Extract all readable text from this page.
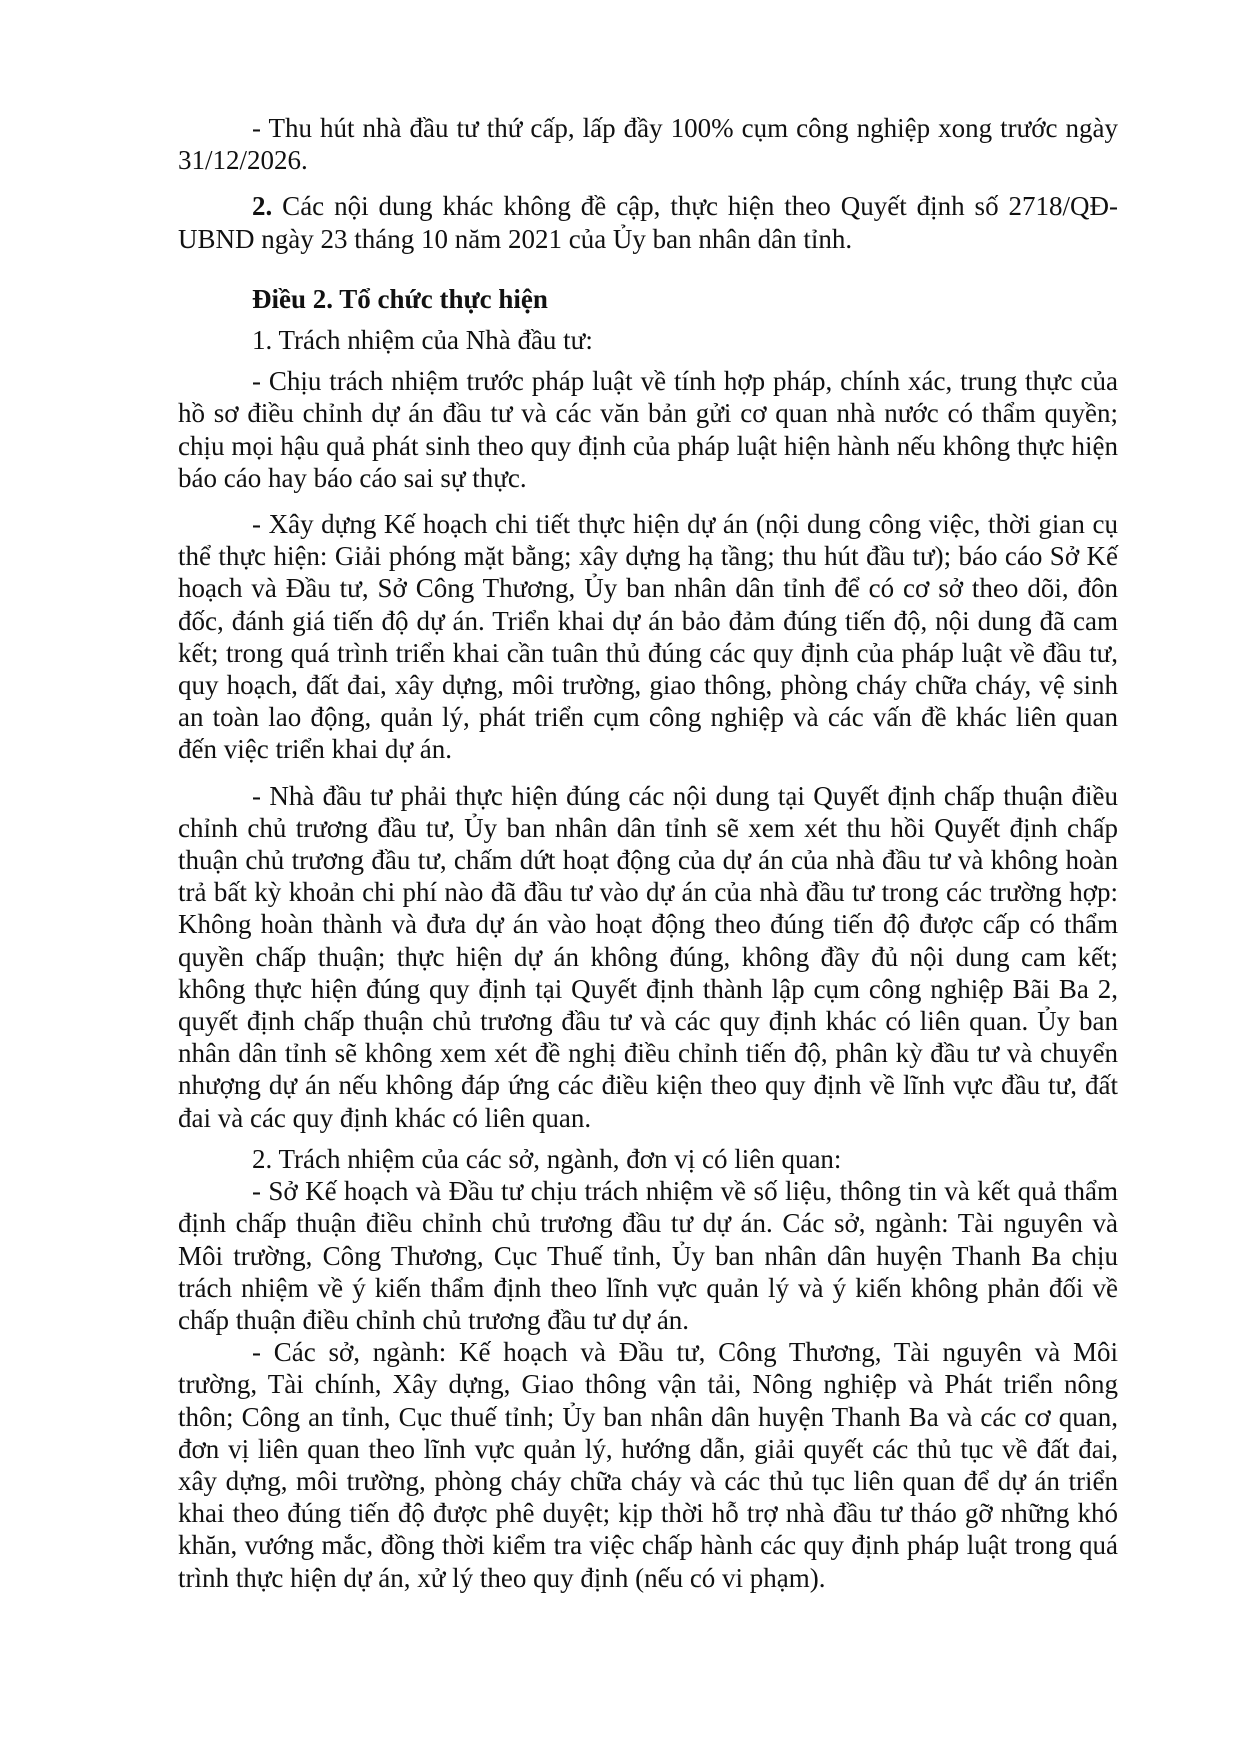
- Thu hút nhà đầu tư thứ cấp, lấp đầy 100% cụm công nghiệp xong trước ngày 31/12/2026.

2. Các nội dung khác không đề cập, thực hiện theo Quyết định số 2718/QĐ-UBND ngày 23 tháng 10 năm 2021 của Ủy ban nhân dân tỉnh.

Điều 2. Tổ chức thực hiện

1. Trách nhiệm của Nhà đầu tư:

- Chịu trách nhiệm trước pháp luật về tính hợp pháp, chính xác, trung thực của hồ sơ điều chỉnh dự án đầu tư và các văn bản gửi cơ quan nhà nước có thẩm quyền; chịu mọi hậu quả phát sinh theo quy định của pháp luật hiện hành nếu không thực hiện báo cáo hay báo cáo sai sự thực.

- Xây dựng Kế hoạch chi tiết thực hiện dự án (nội dung công việc, thời gian cụ thể thực hiện: Giải phóng mặt bằng; xây dựng hạ tầng; thu hút đầu tư); báo cáo Sở Kế hoạch và Đầu tư, Sở Công Thương, Ủy ban nhân dân tỉnh để có cơ sở theo dõi, đôn đốc, đánh giá tiến độ dự án. Triển khai dự án bảo đảm đúng tiến độ, nội dung đã cam kết; trong quá trình triển khai cần tuân thủ đúng các quy định của pháp luật về đầu tư, quy hoạch, đất đai, xây dựng, môi trường, giao thông, phòng cháy chữa cháy, vệ sinh an toàn lao động, quản lý, phát triển cụm công nghiệp và các vấn đề khác liên quan đến việc triển khai dự án.

- Nhà đầu tư phải thực hiện đúng các nội dung tại Quyết định chấp thuận điều chỉnh chủ trương đầu tư, Ủy ban nhân dân tỉnh sẽ xem xét thu hồi Quyết định chấp thuận chủ trương đầu tư, chấm dứt hoạt động của dự án của nhà đầu tư và không hoàn trả bất kỳ khoản chi phí nào đã đầu tư vào dự án của nhà đầu tư trong các trường hợp: Không hoàn thành và đưa dự án vào hoạt động theo đúng tiến độ được cấp có thẩm quyền chấp thuận; thực hiện dự án không đúng, không đầy đủ nội dung cam kết; không thực hiện đúng quy định tại Quyết định thành lập cụm công nghiệp Bãi Ba 2, quyết định chấp thuận chủ trương đầu tư và các quy định khác có liên quan. Ủy ban nhân dân tỉnh sẽ không xem xét đề nghị điều chỉnh tiến độ, phân kỳ đầu tư và chuyển nhượng dự án nếu không đáp ứng các điều kiện theo quy định về lĩnh vực đầu tư, đất đai và các quy định khác có liên quan.

2. Trách nhiệm của các sở, ngành, đơn vị có liên quan:

- Sở Kế hoạch và Đầu tư chịu trách nhiệm về số liệu, thông tin và kết quả thẩm định chấp thuận điều chỉnh chủ trương đầu tư dự án. Các sở, ngành: Tài nguyên và Môi trường, Công Thương, Cục Thuế tỉnh, Ủy ban nhân dân huyện Thanh Ba chịu trách nhiệm về ý kiến thẩm định theo lĩnh vực quản lý và ý kiến không phản đối về chấp thuận điều chỉnh chủ trương đầu tư dự án.

- Các sở, ngành: Kế hoạch và Đầu tư, Công Thương, Tài nguyên và Môi trường, Tài chính, Xây dựng, Giao thông vận tải, Nông nghiệp và Phát triển nông thôn; Công an tỉnh, Cục thuế tỉnh; Ủy ban nhân dân huyện Thanh Ba và các cơ quan, đơn vị liên quan theo lĩnh vực quản lý, hướng dẫn, giải quyết các thủ tục về đất đai, xây dựng, môi trường, phòng cháy chữa cháy và các thủ tục liên quan để dự án triển khai theo đúng tiến độ được phê duyệt; kịp thời hỗ trợ nhà đầu tư tháo gỡ những khó khăn, vướng mắc, đồng thời kiểm tra việc chấp hành các quy định pháp luật trong quá trình thực hiện dự án, xử lý theo quy định (nếu có vi phạm).
